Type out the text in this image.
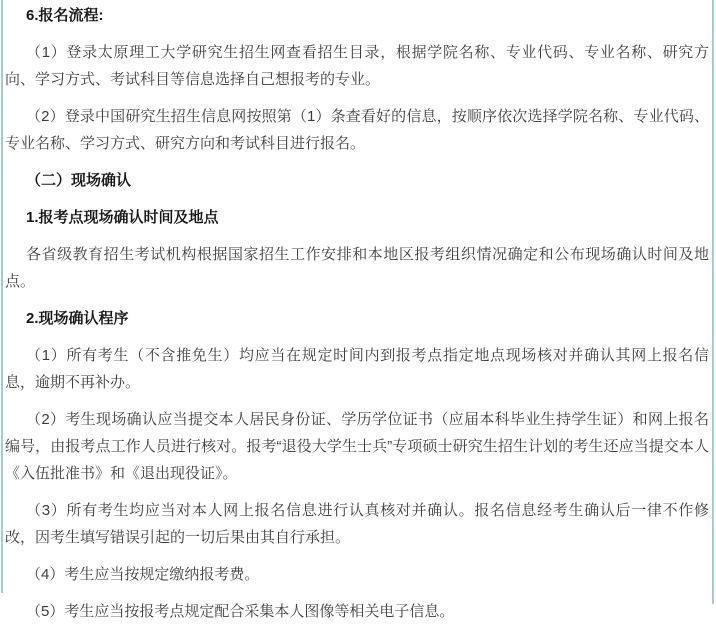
6.报名流程:

（1）登录太原理工大学研究生招生网查看招生目录，根据学院名称、专业代码、专业名称、研究方向、学习方式、考试科目等信息选择自己想报考的专业。

（2）登录中国研究生招生信息网按照第（1）条查看好的信息，按顺序依次选择学院名称、专业代码、专业名称、学习方式、研究方向和考试科目进行报名。

（二）现场确认

1.报考点现场确认时间及地点

各省级教育招生考试机构根据国家招生工作安排和本地区报考组织情况确定和公布现场确认时间及地点。

2.现场确认程序

（1）所有考生（不含推免生）均应当在规定时间内到报考点指定地点现场核对并确认其网上报名信息，逾期不再补办。

（2）考生现场确认应当提交本人居民身份证、学历学位证书（应届本科毕业生持学生证）和网上报名编号，由报考点工作人员进行核对。报考“退役大学生士兵”专项硕士研究生招生计划的考生还应当提交本人《入伍批准书》和《退出现役证》。

（3）所有考生均应当对本人网上报名信息进行认真核对并确认。报名信息经考生确认后一律不作修改，因考生填写错误引起的一切后果由其自行承担。

（4）考生应当按规定缴纳报考费。

（5）考生应当按报考点规定配合采集本人图像等相关电子信息。
